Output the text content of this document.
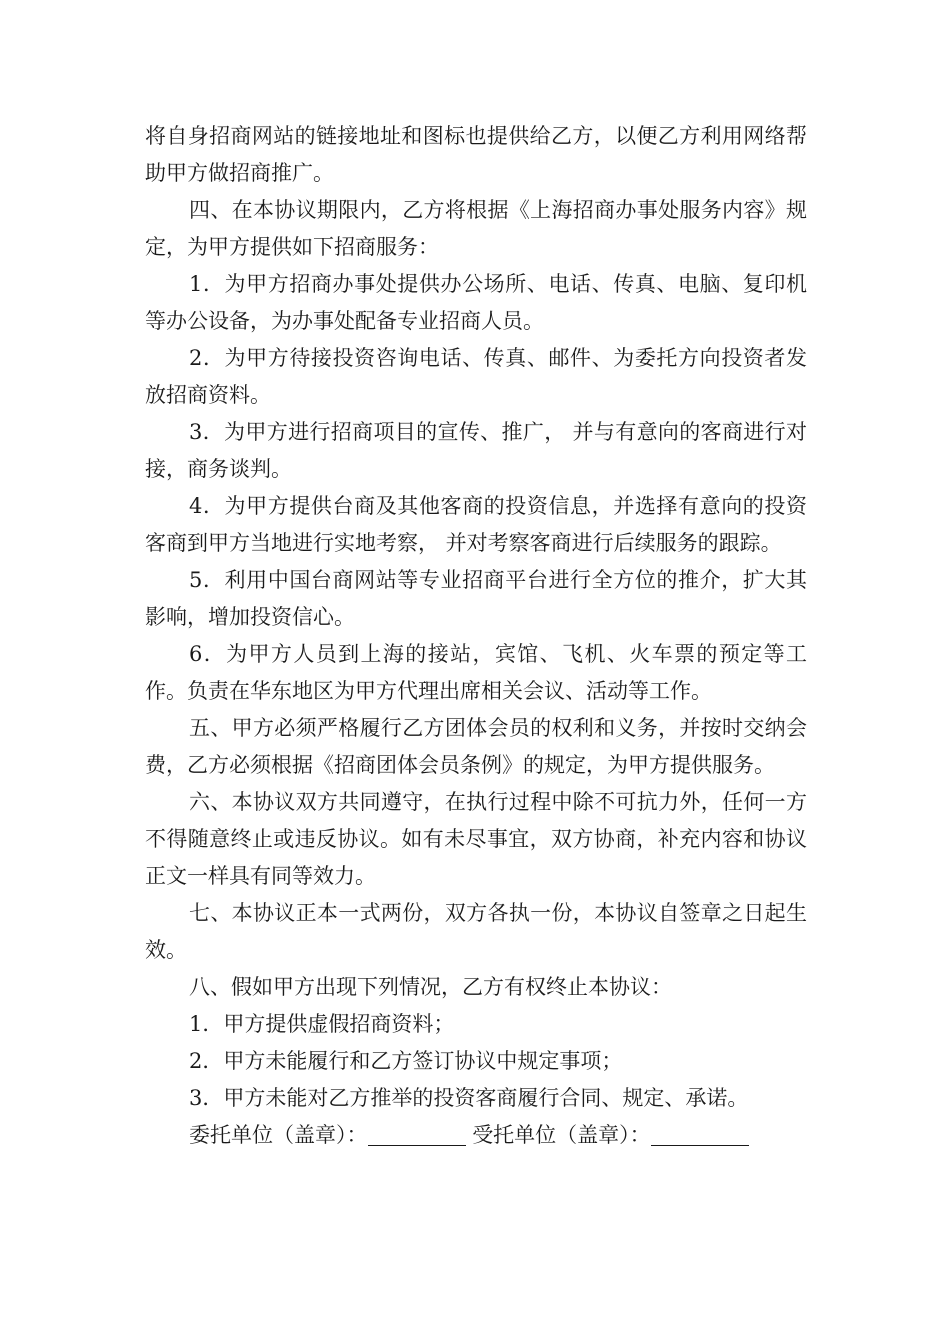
将自身招商网站的链接地址和图标也提供给乙方，以便乙方利用网络帮助甲方做招商推广。

四、在本协议期限内，乙方将根据《上海招商办事处服务内容》规定，为甲方提供如下招商服务：

1．为甲方招商办事处提供办公场所、电话、传真、电脑、复印机等办公设备，为办事处配备专业招商人员。

2．为甲方待接投资咨询电话、传真、邮件、为委托方向投资者发放招商资料。

3．为甲方进行招商项目的宣传、推广， 并与有意向的客商进行对接，商务谈判。

4．为甲方提供台商及其他客商的投资信息，并选择有意向的投资客商到甲方当地进行实地考察， 并对考察客商进行后续服务的跟踪。

5．利用中国台商网站等专业招商平台进行全方位的推介，扩大其影响，增加投资信心。

6．为甲方人员到上海的接站，宾馆、飞机、火车票的预定等工作。负责在华东地区为甲方代理出席相关会议、活动等工作。

五、甲方必须严格履行乙方团体会员的权利和义务，并按时交纳会费，乙方必须根据《招商团体会员条例》的规定，为甲方提供服务。

六、本协议双方共同遵守，在执行过程中除不可抗力外，任何一方不得随意终止或违反协议。如有未尽事宜，双方协商，补充内容和协议正文一样具有同等效力。

七、本协议正本一式两份，双方各执一份，本协议自签章之日起生效。

八、假如甲方出现下列情况，乙方有权终止本协议：

1．甲方提供虚假招商资料；

2．甲方未能履行和乙方签订协议中规定事项；

3．甲方未能对乙方推举的投资客商履行合同、规定、承诺。

委托单位（盖章）：	受托单位（盖章）：
